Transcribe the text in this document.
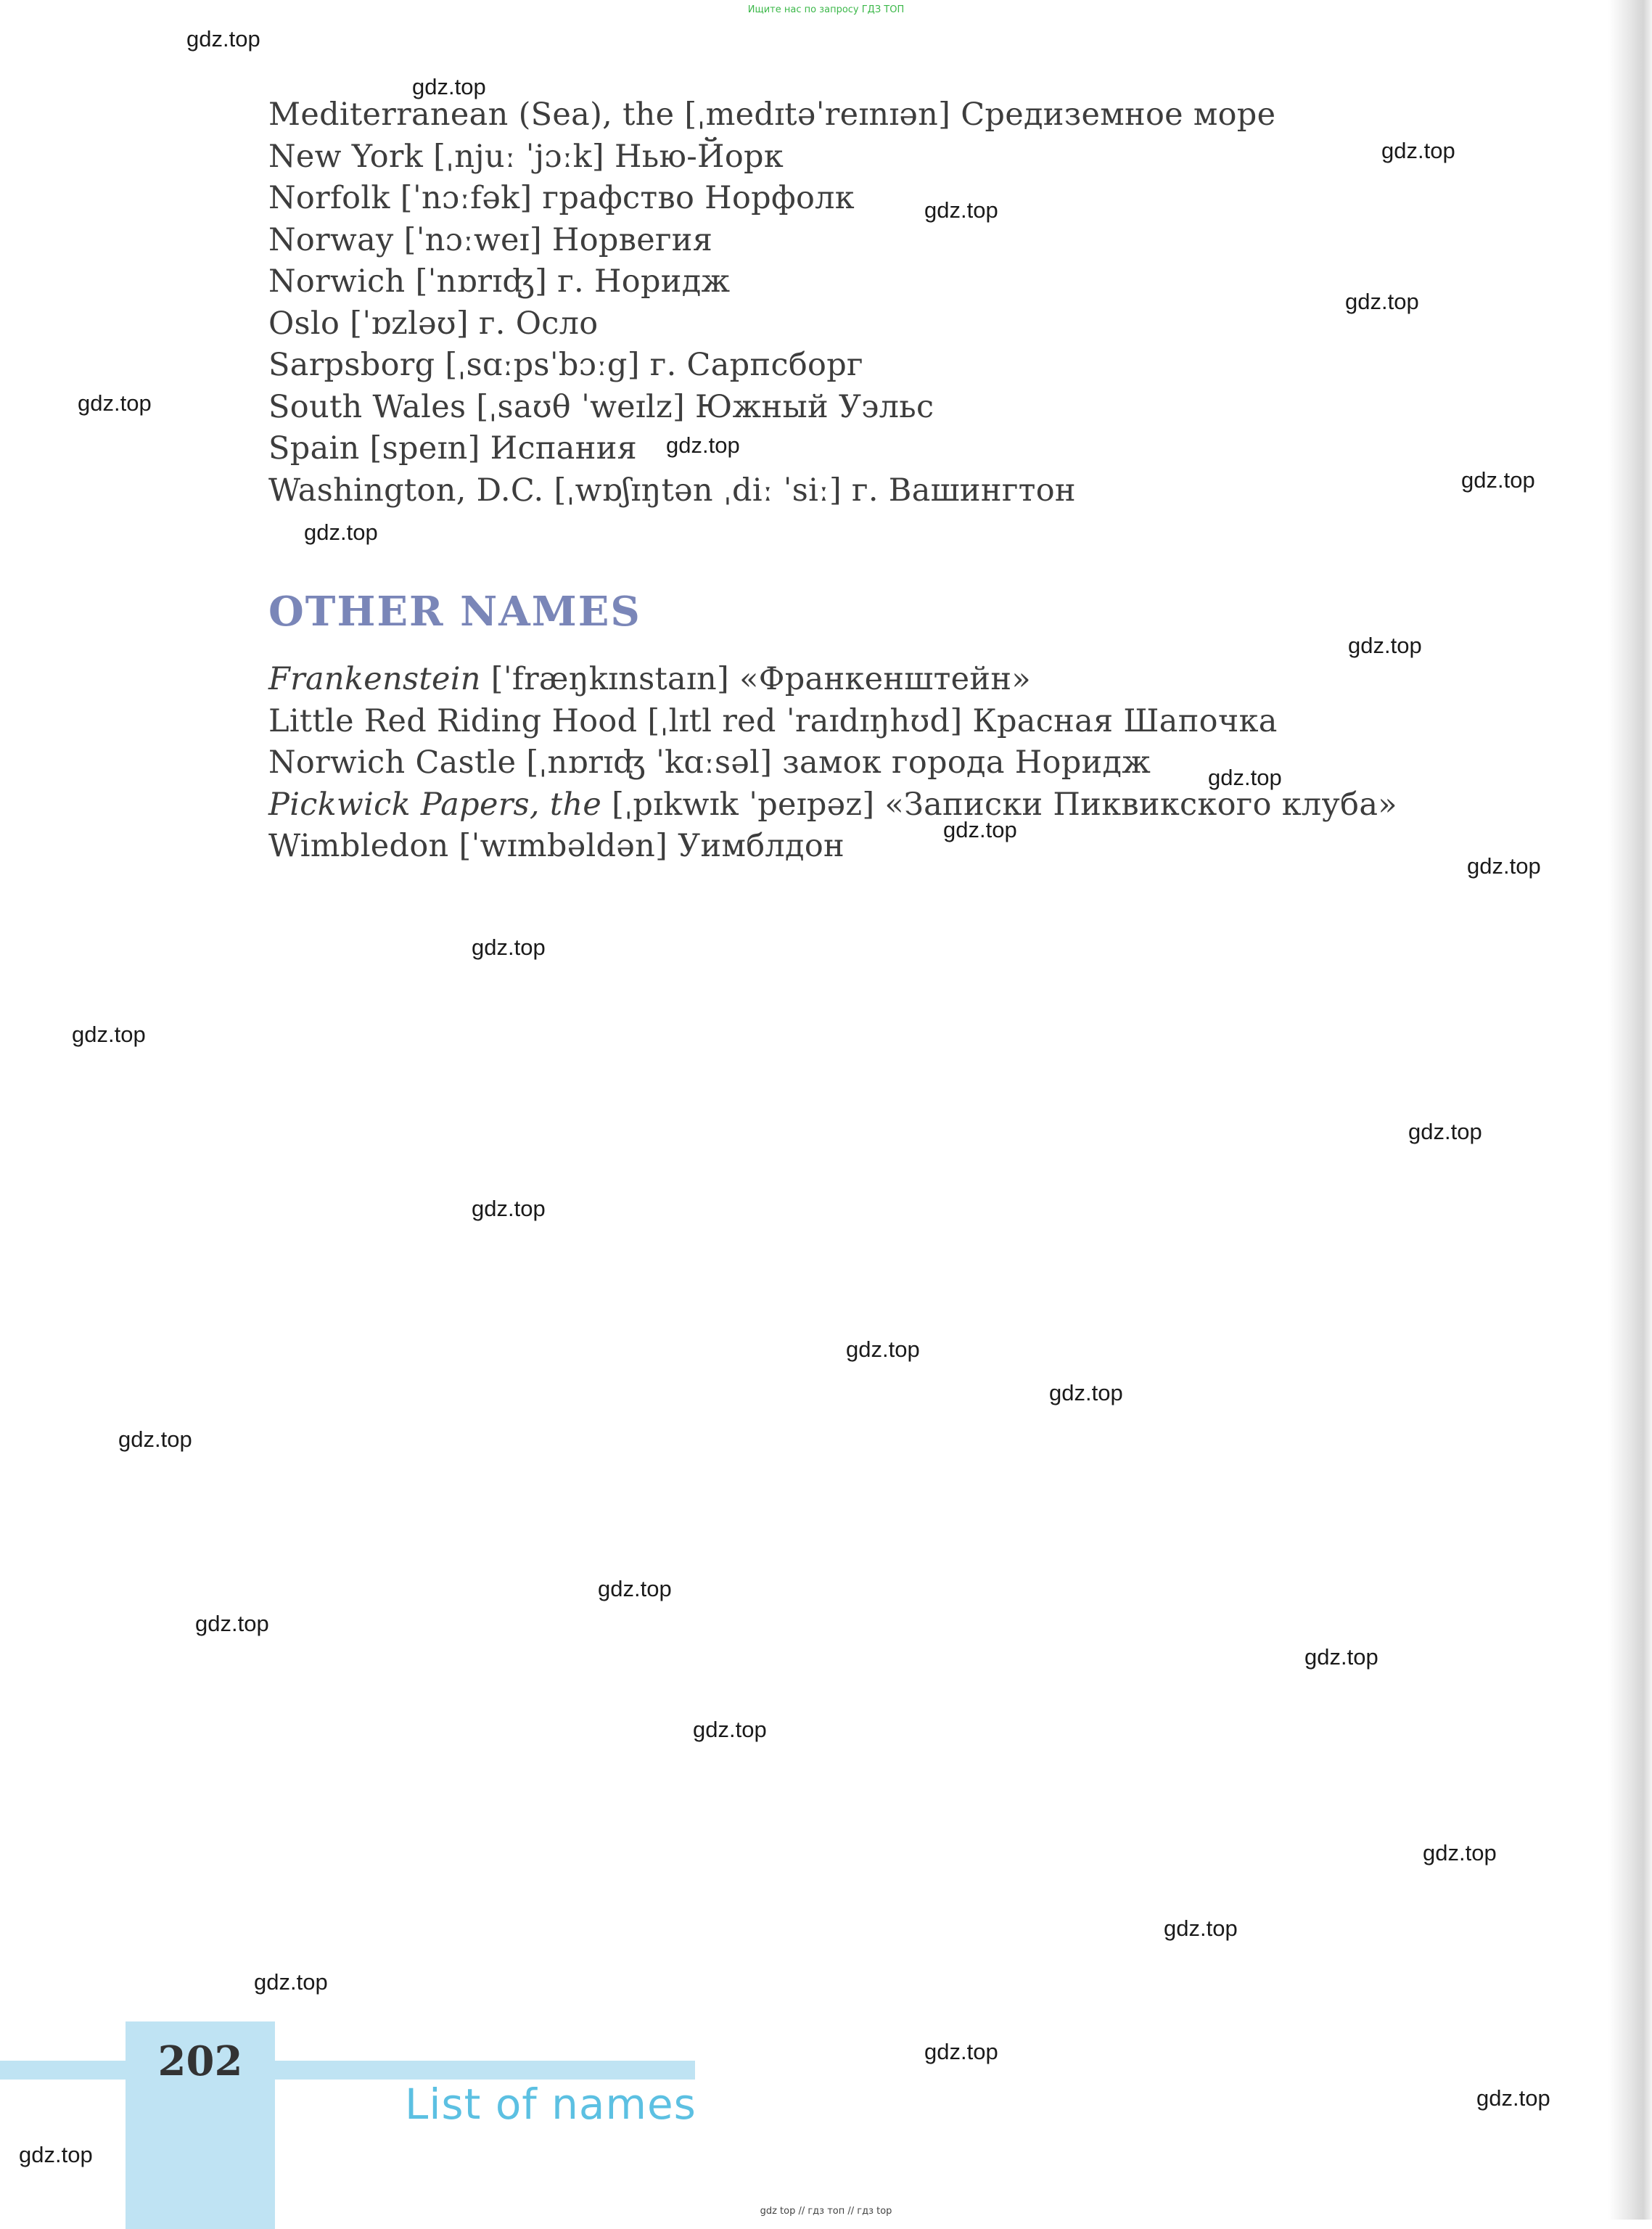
Ищите нас по запросу ГДЗ ТОП
Mediterranean (Sea), the [ˌmedɪtəˈreɪnɪən] Средиземное море
New York [ˌnjuː ˈjɔːk] Нью-Йорк
Norfolk [ˈnɔːfək] графство Норфолк
Norway [ˈnɔːweɪ] Норвегия
Norwich [ˈnɒrɪʤ] г. Норидж
Oslo [ˈɒzləʊ] г. Осло
Sarpsborg [ˌsɑːpsˈbɔːg] г. Сарпсборг
South Wales [ˌsaʊθ ˈweɪlz] Южный Уэльс
Spain [speɪn] Испания
Washington, D.C. [ˌwɒʃɪŋtən ˌdiː ˈsiː] г. Вашингтон
OTHER NAMES
Frankenstein [ˈfræŋkɪnstaɪn] «Франкенштейн»
Little Red Riding Hood [ˌlɪtl red ˈraɪdɪŋhʊd] Красная Шапочка
Norwich Castle [ˌnɒrɪʤ ˈkɑːsəl] замок города Норидж
Pickwick Papers, the [ˌpɪkwɪk ˈpeɪpəz] «Записки Пиквикского клуба»
Wimbledon [ˈwɪmbəldən] Уимблдон
gdz.top
gdz.top
gdz.top
gdz.top
gdz.top
gdz.top
gdz.top
gdz.top
gdz.top
gdz.top
gdz.top
gdz.top
gdz.top
gdz.top
gdz.top
gdz.top
gdz.top
gdz.top
gdz.top
gdz.top
gdz.top
gdz.top
gdz.top
gdz.top
gdz.top
gdz.top
gdz.top
gdz.top
gdz.top
gdz.top
202
List of names
gdz top // гдз топ // гдз top
